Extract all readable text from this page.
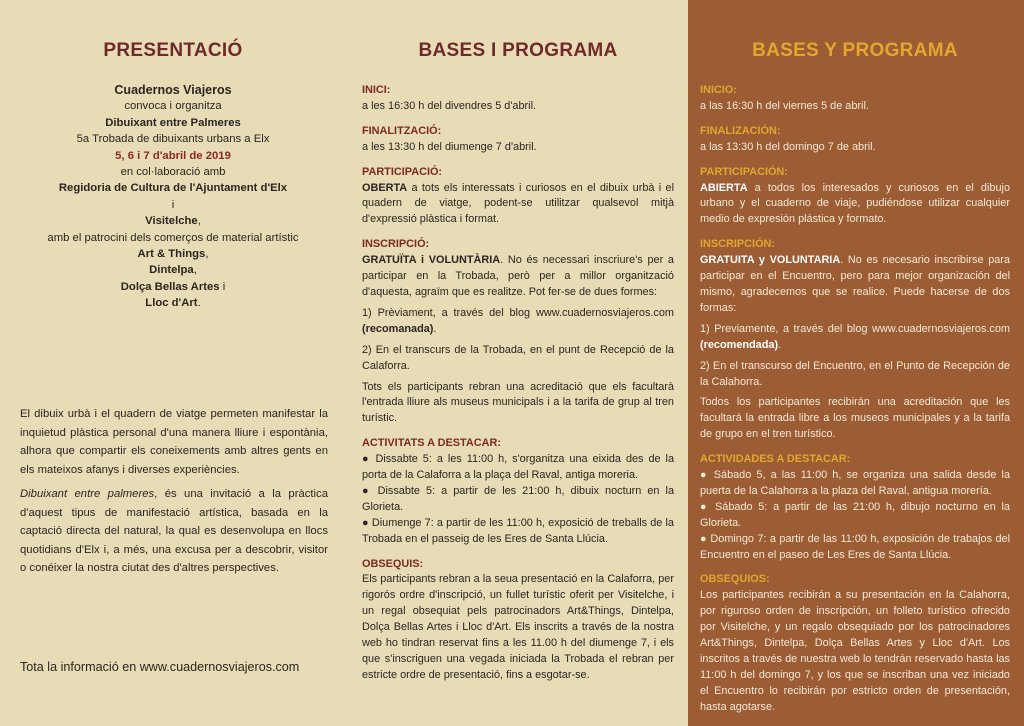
PRESENTACIÓ
Cuadernos Viajeros
convoca i organitza
Dibuixant entre Palmeres
5a Trobada de dibuixants urbans a Elx
5, 6 i 7 d'abril de 2019
en col·laboració amb
Regidoria de Cultura de l'Ajuntament d'Elx
i
Visitelche,
amb el patrocini dels comerços de material artístic
Art & Things,
Dintelpa,
Dolça Bellas Artes i
Lloc d'Art.

El dibuix urbà i el quadern de viatge permeten manifestar la inquietud plàstica personal d'una manera lliure i espontània, alhora que compartir els coneixements amb altres gents en els mateixos afanys i diverses experiències.

Dibuixant entre palmeres, és una invitació a la pràctica d'aquest tipus de manifestació artística, basada en la captació directa del natural, la qual es desenvolupa en llocs quotidians d'Elx i, a més, una excusa per a descobrir, visitor o conéixer la nostra ciutat des d'altres perspectives.

Tota la informació en www.cuadernosviajeros.com
BASES I PROGRAMA
INICI:

a les 16:30 h del divendres 5 d'abril.

FINALITZACIÓ:

a les 13:30 h del diumenge 7 d'abril.

PARTICIPACIÓ:

OBERTA a tots els interessats i curiosos en el dibuix urbà i el quadern de viatge, podent-se utilitzar qualsevol mitjà d'expressió plàstica i format.

INSCRIPCIÓ:

GRATUÏTA i VOLUNTÀRIA. No és necessari inscriure's per a participar en la Trobada, però per a millor organització d'aquesta, agraïm que es realitze. Pot fer-se de dues formes:

1) Prèviament, a través del blog www.cuadernosviajeros.com (recomanada).

2) En el transcurs de la Trobada, en el punt de Recepció de la Calaforra.

Tots els participants rebran una acreditació que els facultarà l'entrada lliure als museus municipals i a la tarifa de grup al tren turístic.

ACTIVITATS A DESTACAR:

● Dissabte 5: a les 11:00 h, s'organitza una eixida des de la porta de la Calaforra a la plaça del Raval, antiga moreria.

● Dissabte 5: a partir de les 21:00 h, dibuix nocturn en la Glorieta.

● Diumenge 7: a partir de les 11:00 h, exposició de treballs de la Trobada en el passeig de les Eres de Santa Llúcia.

OBSEQUIS:

Els participants rebran a la seua presentació en la Calaforra, per rigorós ordre d'inscripció, un fullet turístic oferit per Visitelche, i un regal obsequiat pels patrocinadors Art&Things, Dintelpa, Dolça Bellas Artes i Lloc d'Art. Els inscrits a través de la nostra web ho tindran reservat fins a les 11.00 h del diumenge 7, i els que s'inscriguen una vegada iniciada la Trobada el rebran per estricte ordre de presentació, fins a esgotar-se.

BASES Y PROGRAMA
INICIO:

a las 16:30 h del viernes 5 de abril.

FINALIZACIÓN:

a las 13:30 h del domingo 7 de abril.

PARTICIPACIÓN:

ABIERTA a todos los interesados y curiosos en el dibujo urbano y el cuaderno de viaje, pudiéndose utilizar cualquier medio de expresión plástica y formato.

INSCRIPCIÓN:

GRATUITA y VOLUNTARIA. No es necesario inscribirse para participar en el Encuentro, pero para mejor organización del mismo, agradecemos que se realice. Puede hacerse de dos formas:

1) Previamente, a través del blog www.cuadernosviajeros.com (recomendada).

2) En el transcurso del Encuentro, en el Punto de Recepción de la Calahorra.

Todos los participantes recibirán una acreditación que les facultará la entrada libre a los museos municipales y a la tarifa de grupo en el tren turístico.

ACTIVIDADES A DESTACAR:

● Sábado 5, a las 11:00 h, se organiza una salida desde la puerta de la Calahorra a la plaza del Raval, antigua morería.

● Sábado 5: a partir de las 21:00 h, dibujo nocturno en la Glorieta.

● Domingo 7: a partir de las 11:00 h, exposición de trabajos del Encuentro en el paseo de Les Eres de Santa Llúcia.

OBSEQUIOS:

Los participantes recibirán a su presentación en la Calahorra, por riguroso orden de inscripción, un folleto turístico ofrecido por Visitelche, y un regalo obsequiado por los patrocinadores Art&Things, Dintelpa, Dolça Bellas Artes y Lloc d'Art. Los inscritos a través de nuestra web lo tendrán reservado hasta las 11:00 h del domingo 7, y los que se inscriban una vez iniciado el Encuentro lo recibirán por estricto orden de presentación, hasta agotarse.
